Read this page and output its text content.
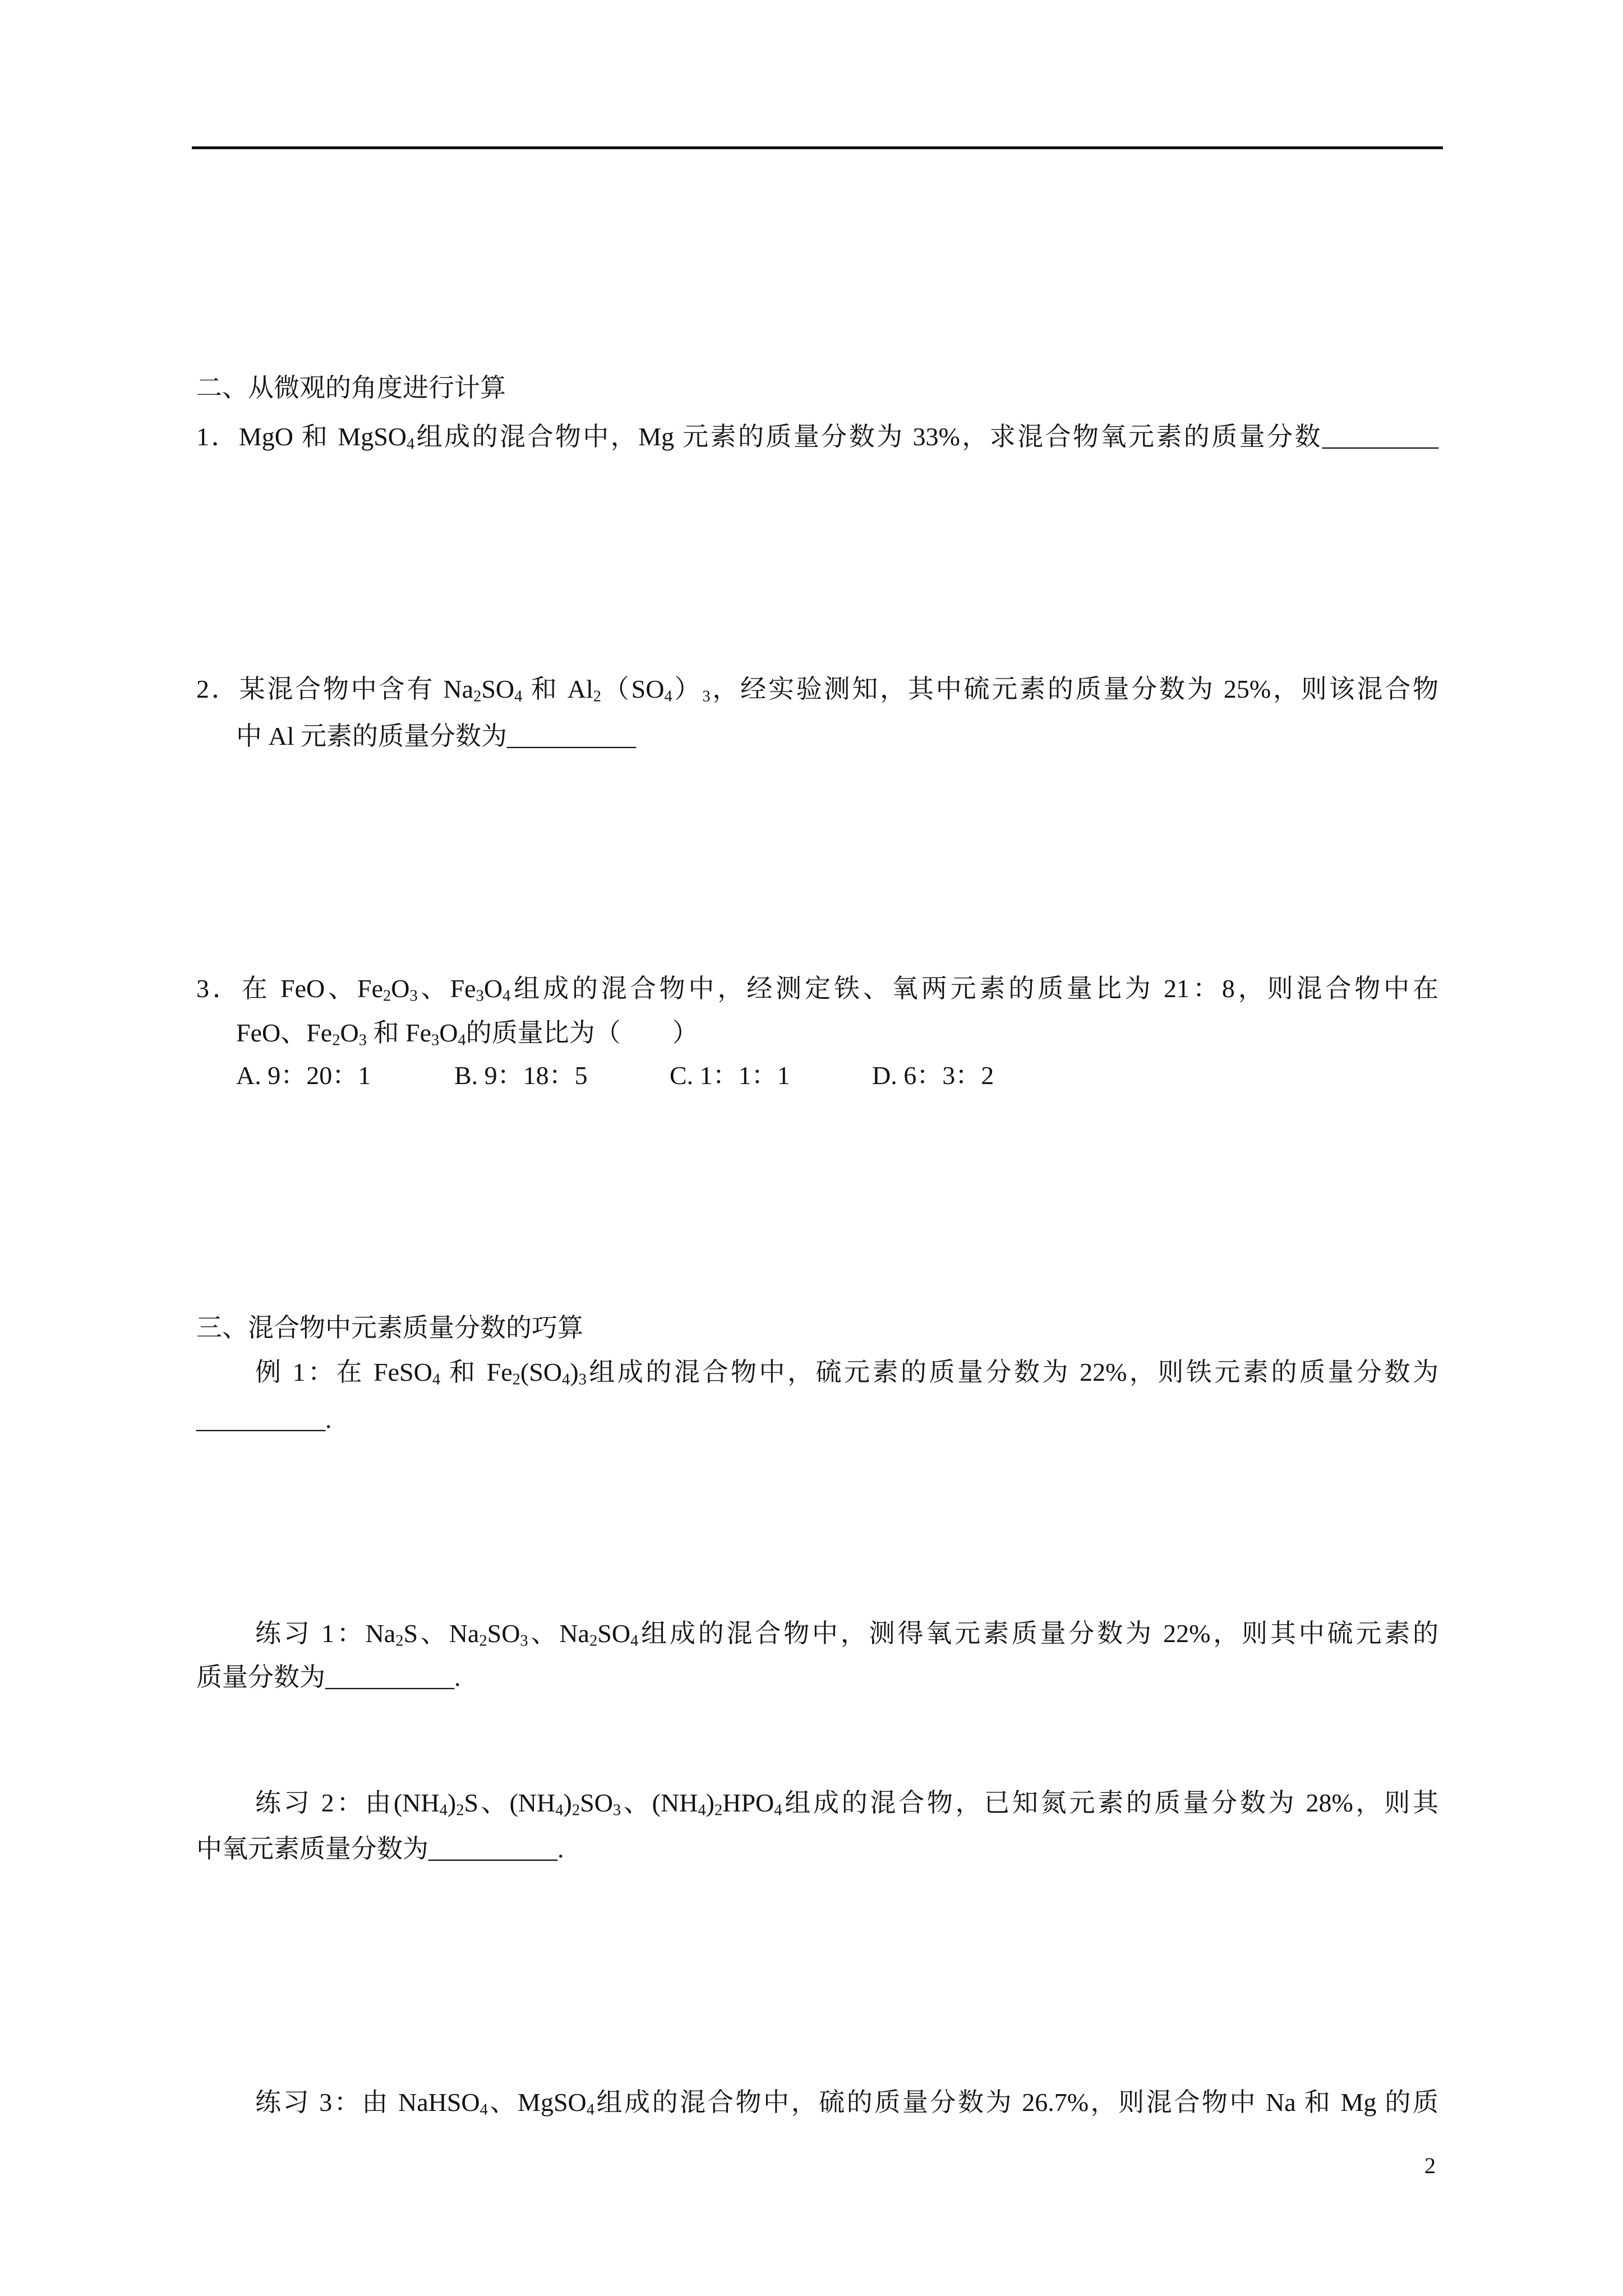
二、从微观的角度进行计算
1．MgO 和 MgSO$_4$组成的混合物中，Mg 元素的质量分数为 33%，求混合物氧元素的质量分数_________
2．某混合物中含有 $Na_2SO_4$ 和 $Al_2(SO_4)_3$，经实验测知，其中硫元素的质量分数为 25%，则该混合物
中 Al 元素的质量分数为__________
3．在 FeO、$Fe_2O_3$、$Fe_3O_4$组成的混合物中，经测定铁、氧两元素的质量比为 21：8，则混合物中在
FeO、$Fe_2O_3$ 和 $Fe_3O_4$的质量比为（　　）
A. 9：20：1	B. 9：18：5	C. 1：1：1	D. 6：3：2
三、混合物中元素质量分数的巧算
例 1：在 FeSO$_4$ 和 $Fe_2(SO_4)_3$组成的混合物中，硫元素的质量分数为 22%，则铁元素的质量分数为
__________.
练习 1：$Na_2S$、$Na_2SO_3$、$Na_2SO_4$组成的混合物中，测得氧元素质量分数为 22%，则其中硫元素的
质量分数为__________.
练习 2：由$(NH_4)_2S$、$(NH_4)_2SO_3$、$(NH_4)_2HPO_4$组成的混合物，已知氮元素的质量分数为 28%，则其
中氧元素质量分数为__________.
练习 3：由 NaHSO$_4$、MgSO$_4$组成的混合物中，硫的质量分数为 26.7%，则混合物中 Na 和 Mg 的质
2
